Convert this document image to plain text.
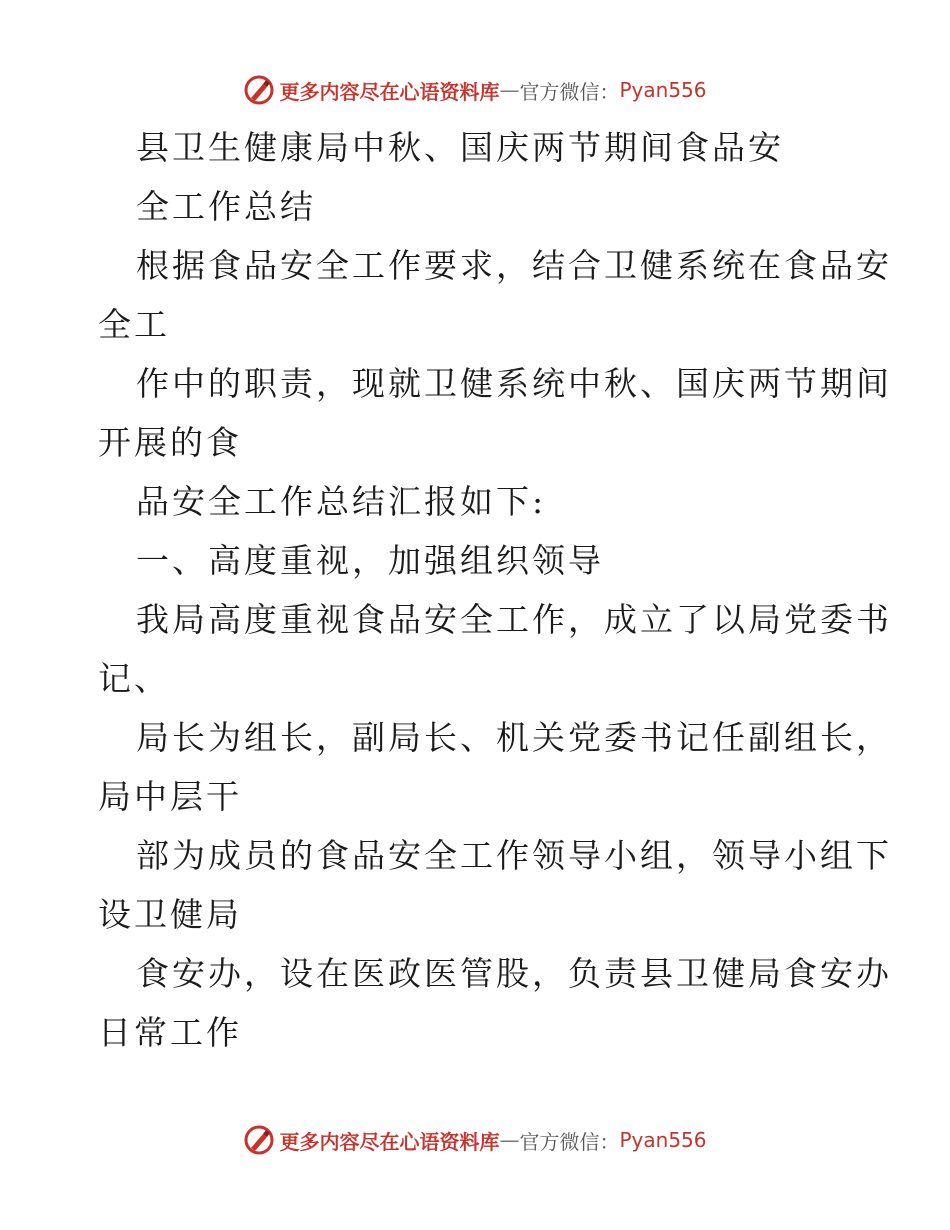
更多内容尽在心语资料库 — 官方微信： Pyan556
县卫生健康局中秋、国庆两节期间食品安
全工作总结
根据食品安全工作要求，结合卫健系统在食品安
全工
作中的职责，现就卫健系统中秋、国庆两节期间
开展的食
品安全工作总结汇报如下:
一、高度重视，加强组织领导
我局高度重视食品安全工作，成立了以局党委书
记、
局长为组长，副局长、机关党委书记任副组长，
局中层干
部为成员的食品安全工作领导小组，领导小组下
设卫健局
食安办，设在医政医管股，负责县卫健局食安办
日常工作
更多内容尽在心语资料库 — 官方微信： Pyan556
